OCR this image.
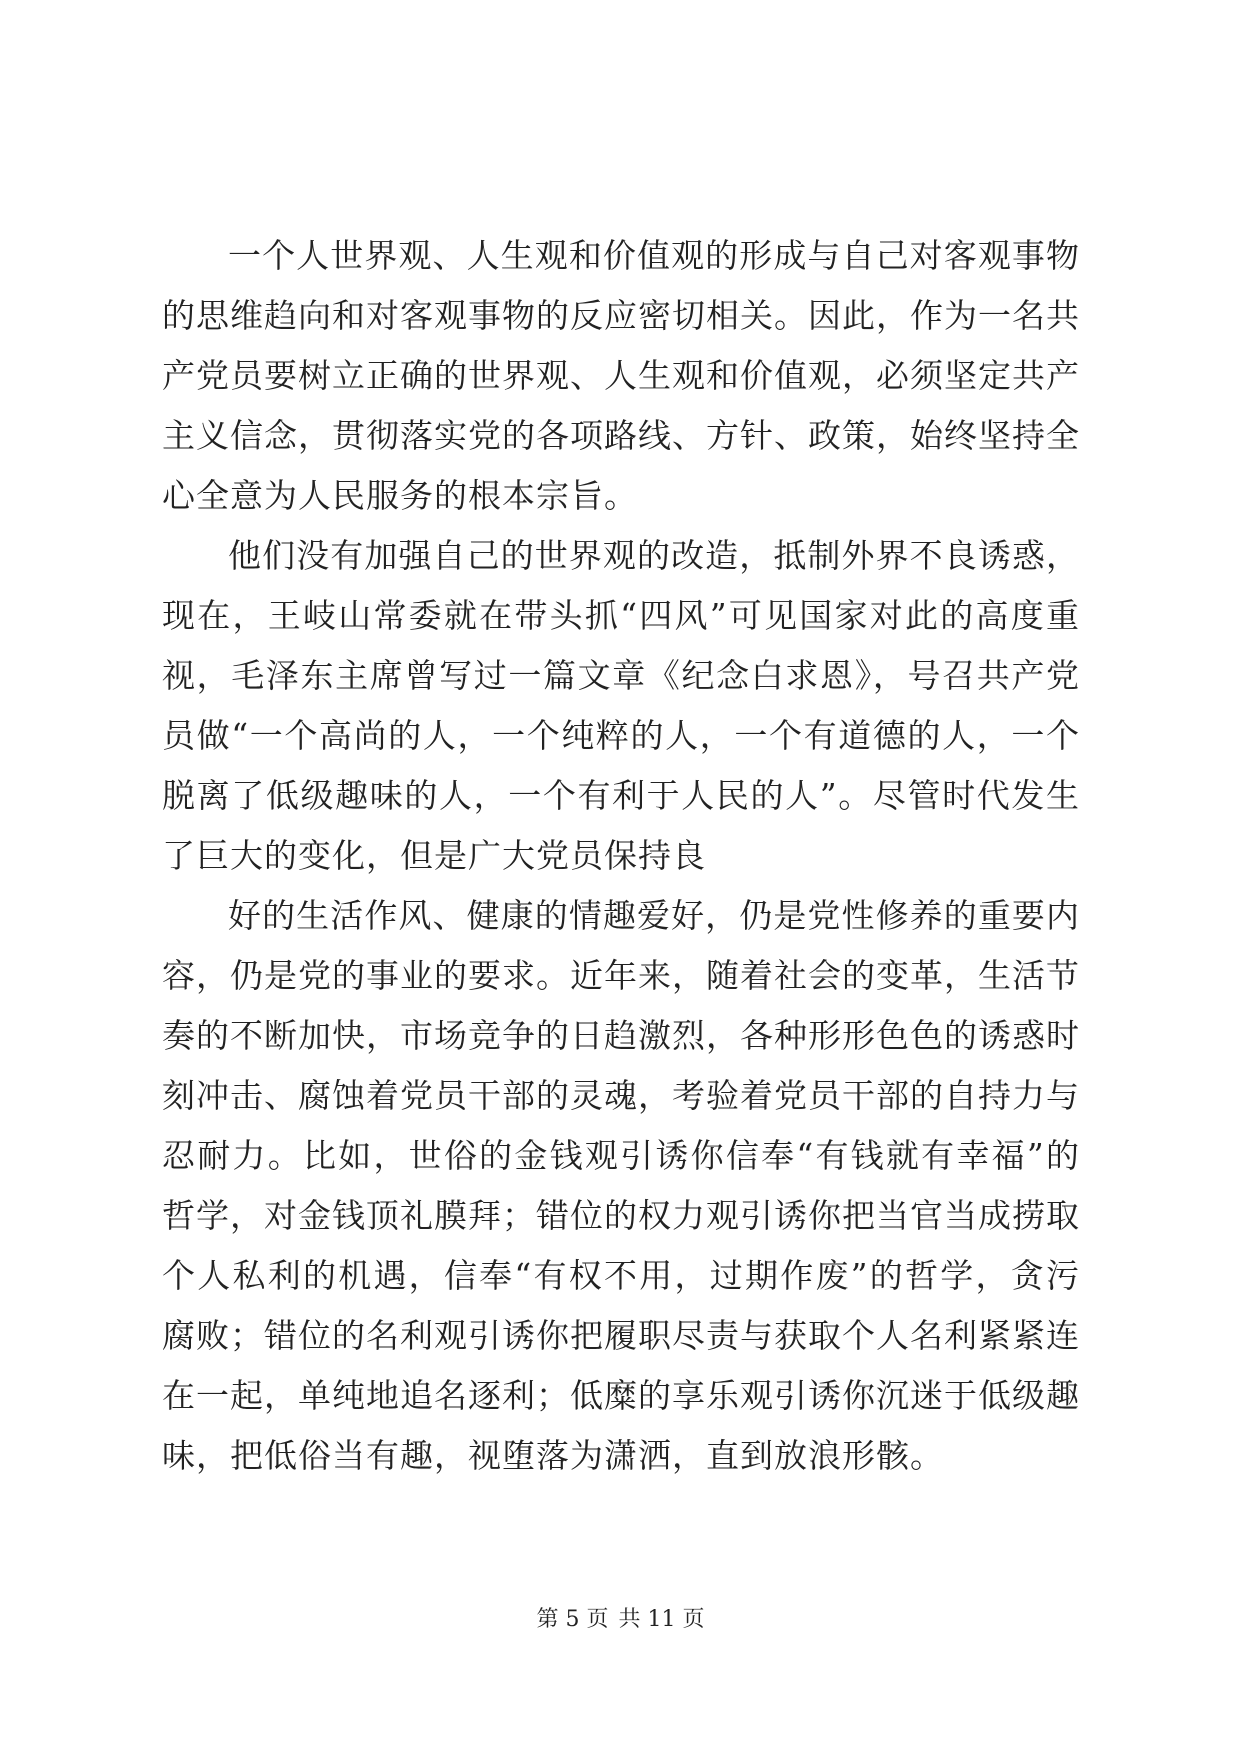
一个人世界观、人生观和价值观的形成与自己对客观事物的思维趋向和对客观事物的反应密切相关。因此，作为一名共产党员要树立正确的世界观、人生观和价值观，必须坚定共产主义信念，贯彻落实党的各项路线、方针、政策，始终坚持全心全意为人民服务的根本宗旨。

他们没有加强自己的世界观的改造，抵制外界不良诱惑，现在，王岐山常委就在带头抓“四风”可见国家对此的高度重视，毛泽东主席曾写过一篇文章《纪念白求恩》，号召共产党员做“一个高尚的人，一个纯粹的人，一个有道德的人，一个脱离了低级趣味的人，一个有利于人民的人”。尽管时代发生了巨大的变化，但是广大党员保持良

好的生活作风、健康的情趣爱好，仍是党性修养的重要内容，仍是党的事业的要求。近年来，随着社会的变革，生活节奏的不断加快，市场竞争的日趋激烈，各种形形色色的诱惑时刻冲击、腐蚀着党员干部的灵魂，考验着党员干部的自持力与忍耐力。比如，世俗的金钱观引诱你信奉“有钱就有幸福”的哲学，对金钱顶礼膜拜；错位的权力观引诱你把当官当成捞取个人私利的机遇，信奉“有权不用，过期作废”的哲学，贪污腐败；错位的名利观引诱你把履职尽责与获取个人名利紧紧连在一起，单纯地追名逐利；低糜的享乐观引诱你沉迷于低级趣味，把低俗当有趣，视堕落为潇洒，直到放浪形骸。

第 5 页 共 11 页
